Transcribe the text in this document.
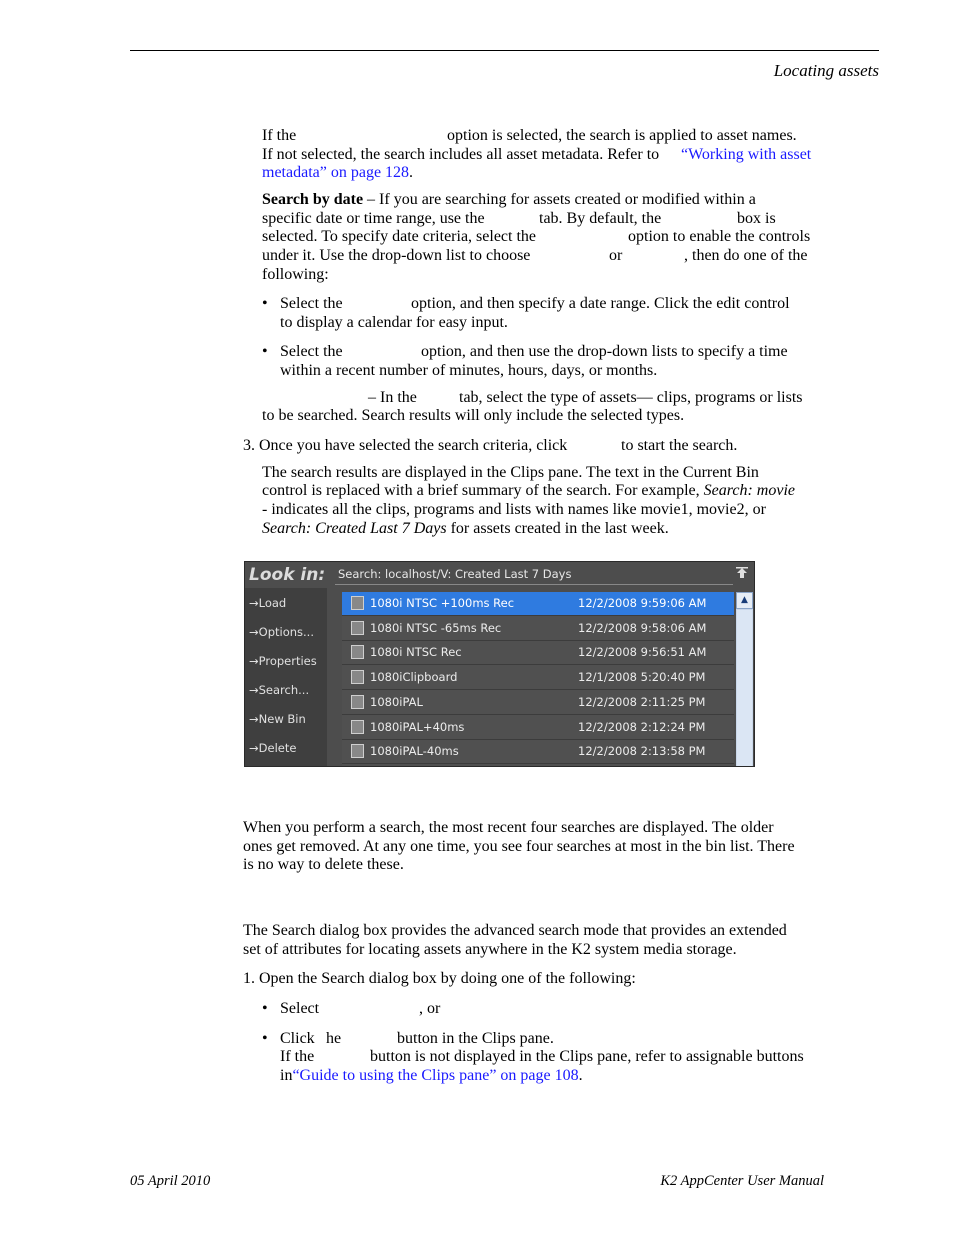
Locating assets
If the	option is selected, the search is applied to asset names.
If not selected, the search includes all asset metadata. Refer to “Working with asset
metadata” on page 128.
Search by date – If you are searching for assets created or modified within a
specific date or time range, use the	tab. By default, the	box is
selected. To specify date criteria, select the	option to enable the controls
under it. Use the drop-down list to choose	or	, then do one of the
following:
• Select the	option, and then specify a date range. Click the edit control
to display a calendar for easy input.
• Select the	option, and then use the drop-down lists to specify a time
within a recent number of minutes, hours, days, or months.
– In the	tab, select the type of assets— clips, programs or lists
to be searched. Search results will only include the selected types.
3. Once you have selected the search criteria, click	to start the search.
The search results are displayed in the Clips pane. The text in the Current Bin
control is replaced with a brief summary of the search. For example, Search: movie
- indicates all the clips, programs and lists with names like movie1, movie2, or
Search: Created Last 7 Days for assets created in the last week.
Look in: Search: localhost/V: Created Last 7 Days
→Load
→Options...
→Properties
→Search...
→New Bin
→Delete
1080i NTSC +100ms Rec	12/2/2008 9:59:06 AM
1080i NTSC -65ms Rec	12/2/2008 9:58:06 AM
1080i NTSC Rec	12/2/2008 9:56:51 AM
1080iClipboard	12/1/2008 5:20:40 PM
1080iPAL	12/2/2008 2:11:25 PM
1080iPAL+40ms	12/2/2008 2:12:24 PM
1080iPAL-40ms	12/2/2008 2:13:58 PM
▲
When you perform a search, the most recent four searches are displayed. The older
ones get removed. At any one time, you see four searches at most in the bin list. There
is no way to delete these.
The Search dialog box provides the advanced search mode that provides an extended
set of attributes for locating assets anywhere in the K2 system media storage.
1. Open the Search dialog box by doing one of the following:
• Select	, or
• Click he	button in the Clips pane.
If the	button is not displayed in the Clips pane, refer to assignable buttons
in“Guide to using the Clips pane” on page 108.
05 April 2010	K2 AppCenter User Manual
